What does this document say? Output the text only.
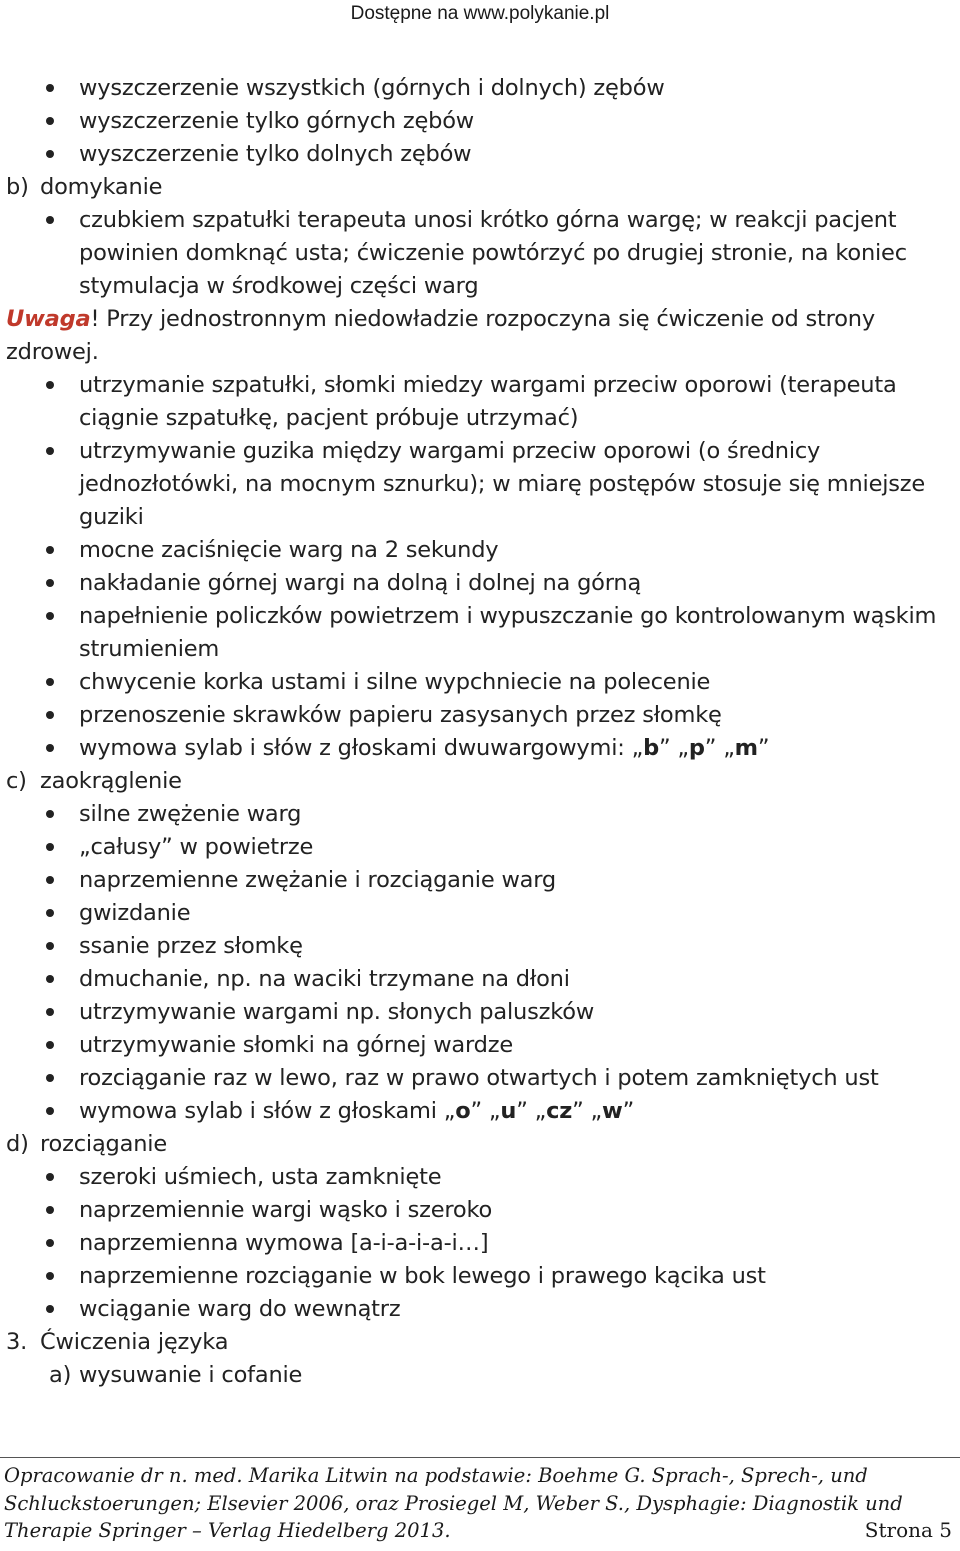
Dostępne na www.polykanie.pl
wyszczerzenie wszystkich (górnych i dolnych) zębów
wyszczerzenie tylko górnych zębów
wyszczerzenie tylko dolnych zębów
b) domykanie
czubkiem szpatułki terapeuta unosi krótko górna wargę; w reakcji pacjent powinien domknąć usta; ćwiczenie powtórzyć po drugiej stronie, na koniec stymulacja w środkowej części warg
Uwaga! Przy jednostronnym niedowładzie rozpoczyna się ćwiczenie od strony zdrowej.
utrzymanie szpatułki, słomki miedzy wargami przeciw oporowi (terapeuta ciągnie szpatułkę, pacjent próbuje utrzymać)
utrzymywanie guzika między wargami przeciw oporowi (o średnicy jednozłotówki, na mocnym sznurku); w miarę postępów stosuje się mniejsze guziki
mocne zaciśnięcie warg na 2 sekundy
nakładanie górnej wargi na dolną i dolnej na górną
napełnienie policzków powietrzem i wypuszczanie go kontrolowanym wąskim strumieniem
chwycenie korka ustami i silne wypchniecie na polecenie
przenoszenie skrawków papieru zasysanych przez słomkę
wymowa sylab i słów z głoskami dwuwargowymi: „b” „p” „m”
c) zaokrąglenie
silne zwężenie warg
„całusy” w powietrze
naprzemienne zwężanie i rozciąganie warg
gwizdanie
ssanie przez słomkę
dmuchanie, np. na waciki trzymane na dłoni
utrzymywanie wargami np. słonych paluszków
utrzymywanie słomki na górnej wardze
rozciąganie raz w lewo, raz w prawo otwartych i potem zamkniętych ust
wymowa sylab i słów z głoskami „o” „u” „cz” „w”
d) rozciąganie
szeroki uśmiech, usta zamknięte
naprzemiennie wargi wąsko i szeroko
naprzemienna wymowa [a-i-a-i-a-i…]
naprzemienne rozciąganie w bok lewego i prawego kącika ust
wciąganie warg do wewnątrz
3. Ćwiczenia języka
a) wysuwanie i cofanie
Opracowanie dr n. med. Marika Litwin na podstawie: Boehme G. Sprach-, Sprech-, und
Schluckstoerungen; Elsevier 2006, oraz Prosiegel M, Weber S., Dysphagie: Diagnostik und
Therapie Springer – Verlag Hiedelberg 2013.	Strona 5
